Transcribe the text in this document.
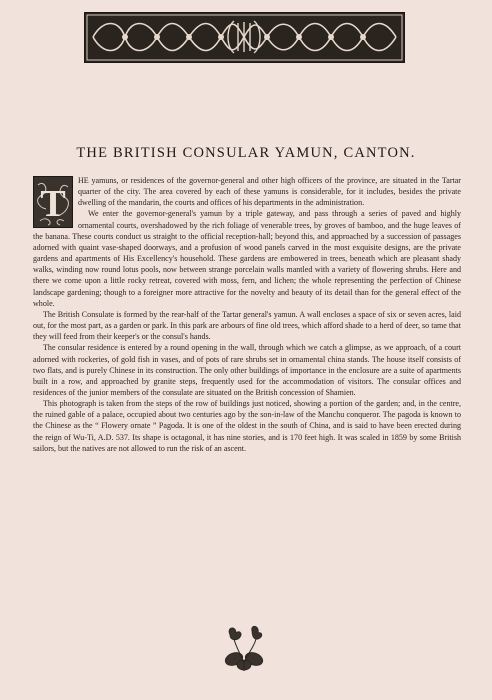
THE BRITISH CONSULAR YAMUN, CANTON.

T
HE yamuns, or residences of the governor-general and other high officers of the province, are situated in the Tartar quarter of the city. The area covered by each of these yamuns is considerable, for it includes, besides the private dwelling of the mandarin, the courts and offices of his departments in the administration.

We enter the governor-general's yamun by a triple gateway, and pass through a series of paved and highly ornamental courts, overshadowed by the rich foliage of venerable trees, by groves of bamboo, and the huge leaves of the banana. These courts conduct us straight to the official reception-hall; beyond this, and approached by a succession of passages adorned with quaint vase-shaped doorways, and a profusion of wood panels carved in the most exquisite designs, are the private gardens and apartments of His Excellency's household. These gardens are embowered in trees, beneath which are pleasant shady walks, winding now round lotus pools, now between strange porcelain walls mantled with a variety of flowering shrubs. Here and there we come upon a little rocky retreat, covered with moss, fern, and lichen; the whole representing the perfection of Chinese landscape gardening; though to a foreigner more attractive for the novelty and beauty of its detail than for the general effect of the whole.

The British Consulate is formed by the rear-half of the Tartar general's yamun. A wall encloses a space of six or seven acres, laid out, for the most part, as a garden or park. In this park are arbours of fine old trees, which afford shade to a herd of deer, so tame that they will feed from their keeper's or the consul's hands.

The consular residence is entered by a round opening in the wall, through which we catch a glimpse, as we approach, of a court adorned with rockeries, of gold fish in vases, and of pots of rare shrubs set in ornamental china stands. The house itself consists of two flats, and is purely Chinese in its construction. The only other buildings of importance in the enclosure are a suite of apartments built in a row, and approached by granite steps, frequently used for the accommodation of visitors. The consular offices and residences of the junior members of the consulate are situated on the British concession of Shamien.

This photograph is taken from the steps of the row of buildings just noticed, showing a portion of the garden; and, in the centre, the ruined gable of a palace, occupied about two centuries ago by the son-in-law of the Manchu conqueror. The pagoda is known to the Chinese as the “ Flowery ornate ” Pagoda. It is one of the oldest in the south of China, and is said to have been erected during the reign of Wu-Ti, A.D. 537. Its shape is octagonal, it has nine stories, and is 170 feet high. It was scaled in 1859 by some British sailors, but the natives are not allowed to run the risk of an ascent.
